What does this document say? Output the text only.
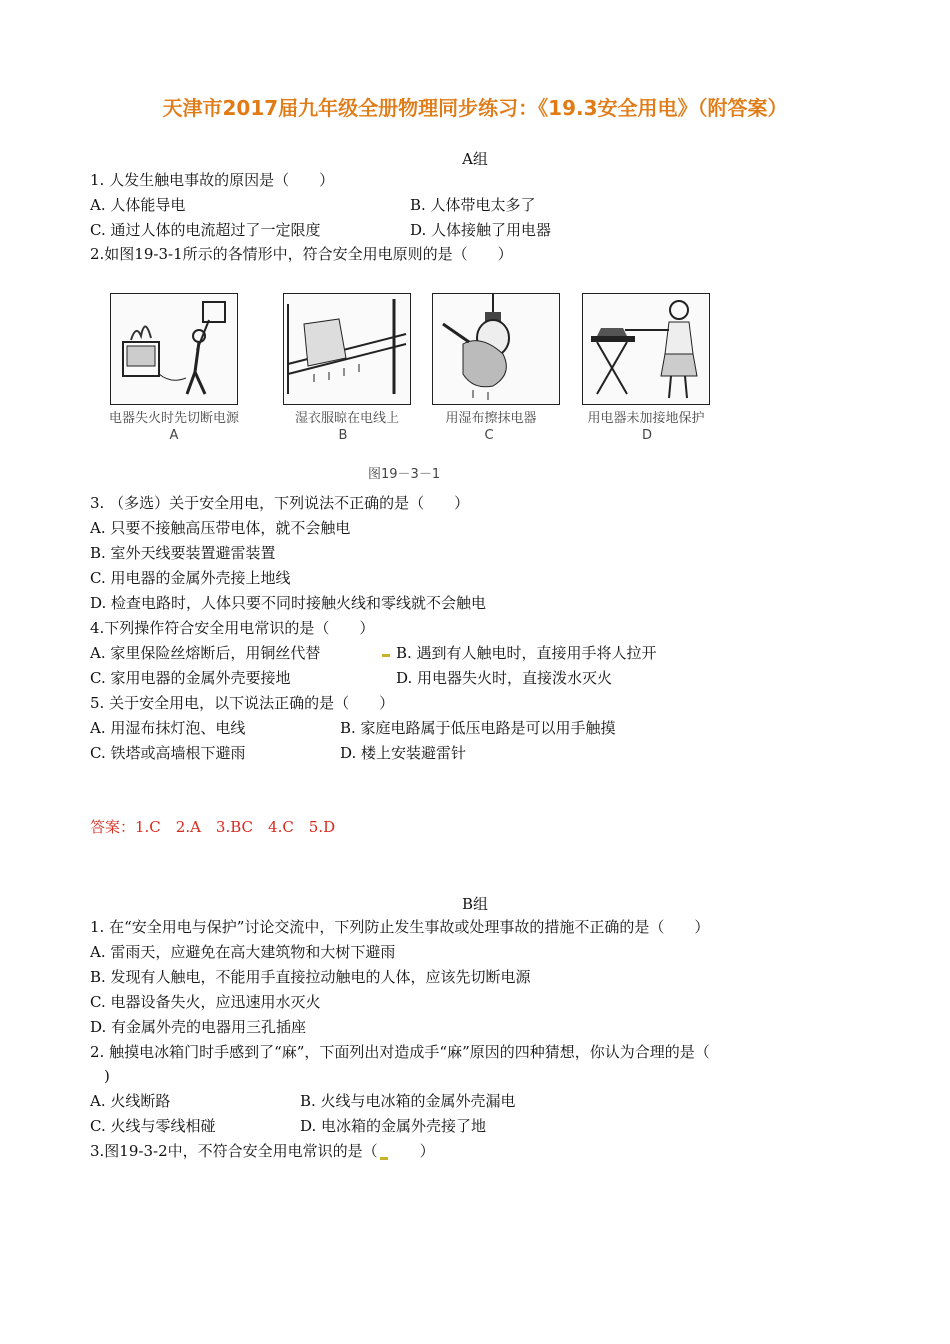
天津市2017届九年级全册物理同步练习：《19.3安全用电》（附答案）
A组
1. 人发生触电事故的原因是（　　）
A. 人体能导电	B. 人体带电太多了
C. 通过人体的电流超过了一定限度	D. 人体接触了用电器
2.如图19-3-1所示的各情形中，符合安全用电原则的是（　　）
电器失火时先切断电源	湿衣服晾在电线上	用湿布擦抹电器	用电器未加接地保护
A	B	C	D
图19－3－1
3. （多选）关于安全用电，下列说法不正确的是（　　）
A. 只要不接触高压带电体，就不会触电
B. 室外天线要装置避雷装置
C. 用电器的金属外壳接上地线
D. 检查电路时，人体只要不同时接触火线和零线就不会触电
4.下列操作符合安全用电常识的是（　　）
A. 家里保险丝熔断后，用铜丝代替	B. 遇到有人触电时，直接用手将人拉开
C. 家用电器的金属外壳要接地	D. 用电器失火时，直接泼水灭火
5. 关于安全用电，以下说法正确的是（　　）
A. 用湿布抹灯泡、电线	B. 家庭电路属于低压电路是可以用手触摸
C. 铁塔或高墙根下避雨	D. 楼上安装避雷针
答案：1.C　2.A　3.BC　4.C　5.D
B组
1. 在“安全用电与保护”讨论交流中，下列防止发生事故或处理事故的措施不正确的是（　　）
A. 雷雨天，应避免在高大建筑物和大树下避雨
B. 发现有人触电，不能用手直接拉动触电的人体，应该先切断电源
C. 电器设备失火，应迅速用水灭火
D. 有金属外壳的电器用三孔插座
2. 触摸电冰箱门时手感到了“麻”，下面列出对造成手“麻”原因的四种猜想，你认为合理的是（
)
A. 火线断路	B. 火线与电冰箱的金属外壳漏电
C. 火线与零线相碰	D. 电冰箱的金属外壳接了地
3.图19-3-2中，不符合安全用电常识的是（　　）
